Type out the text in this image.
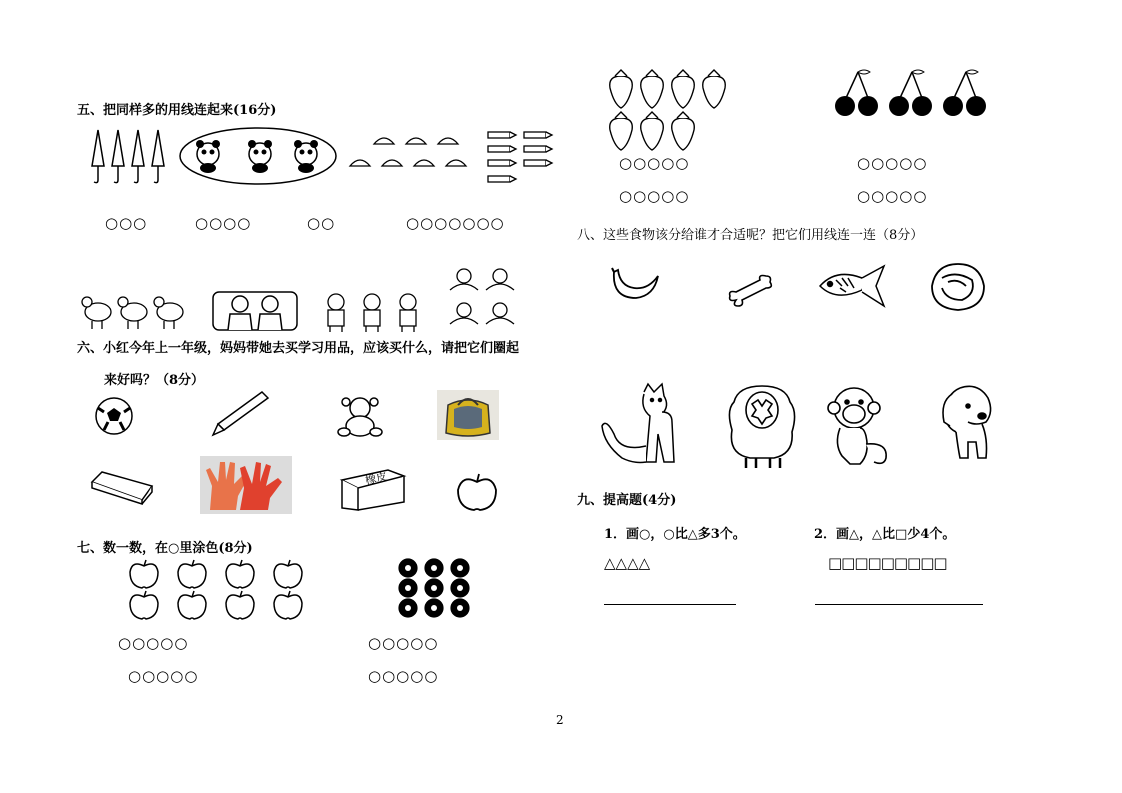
五、把同样多的用线连起来(16分)
○○○	○○○○	○○	○○○○○○○
六、小红今年上一年级，妈妈带她去买学习用品，应该买什么，请把它们圈起
来好吗？（8分）
橡皮
七、数一数，在○里涂色(8分)
○○○○○
○○○○○
○○○○○
○○○○○
○○○○○
○○○○○
○○○○○
○○○○○
八、这些食物该分给谁才合适呢？把它们用线连一连（8分）
九、提高题(4分)
1．画○，○比△多3个。
△△△△
2．画△，△比□少4个。
□□□□□□□□□
2
